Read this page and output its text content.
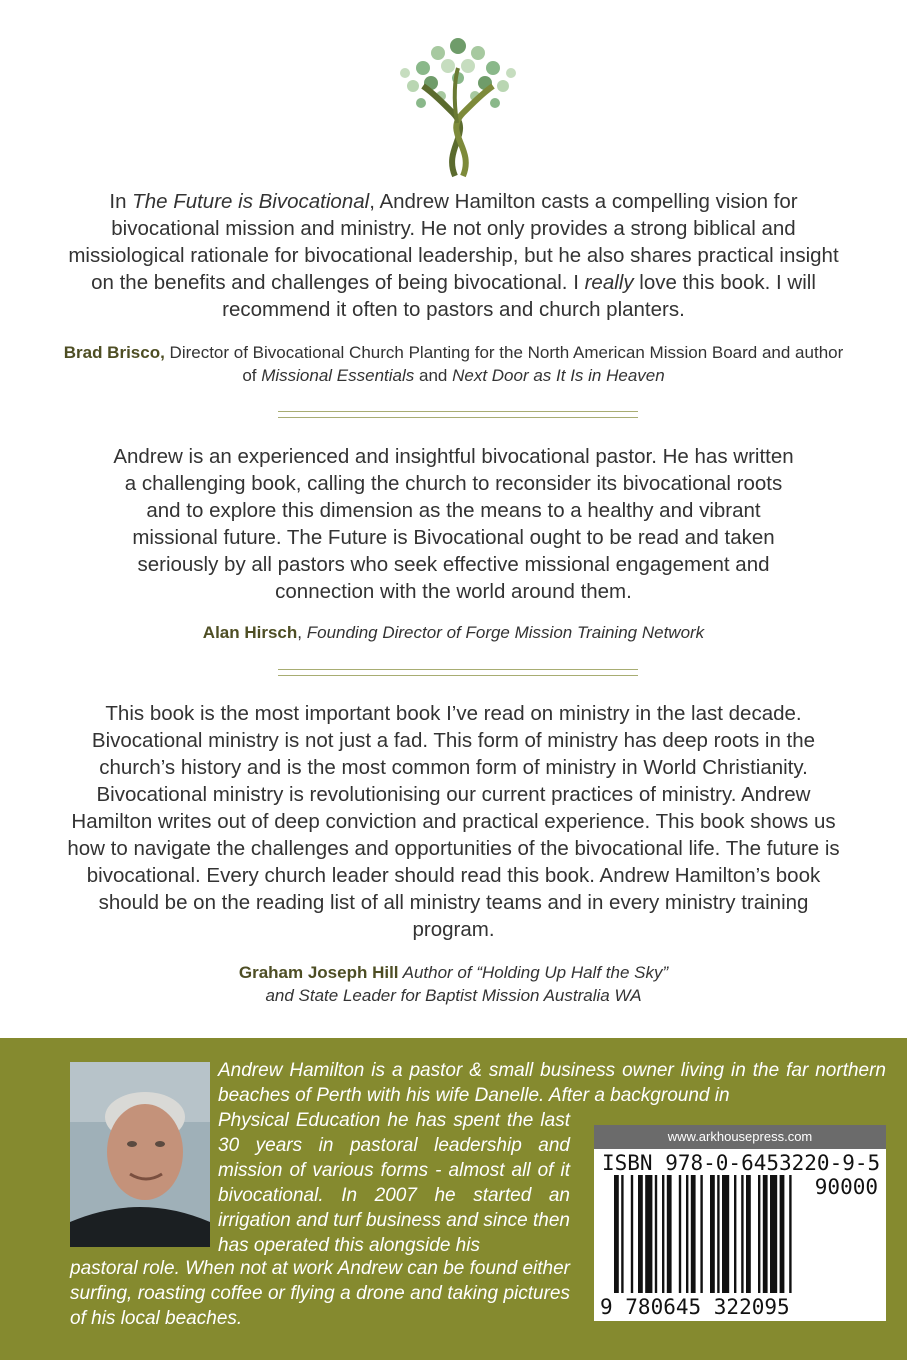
In The Future is Bivocational, Andrew Hamilton casts a compelling vision for bivocational mission and ministry. He not only provides a strong biblical and missiological rationale for bivocational leadership, but he also shares practical insight on the benefits and challenges of being bivocational. I really love this book. I will recommend it often to pastors and church planters.
Brad Brisco, Director of Bivocational Church Planting for the North American Mission Board and author of Missional Essentials and Next Door as It Is in Heaven
Andrew is an experienced and insightful bivocational pastor. He has written a challenging book, calling the church to reconsider its bivocational roots and to explore this dimension as the means to a healthy and vibrant missional future. The Future is Bivocational ought to be read and taken seriously by all pastors who seek effective missional engagement and connection with the world around them.
Alan Hirsch, Founding Director of Forge Mission Training Network
This book is the most important book I’ve read on ministry in the last decade. Bivocational ministry is not just a fad. This form of ministry has deep roots in the church’s history and is the most common form of ministry in World Christianity. Bivocational ministry is revolutionising our current practices of ministry. Andrew Hamilton writes out of deep conviction and practical experience. This book shows us how to navigate the challenges and opportunities of the bivocational life. The future is bivocational. Every church leader should read this book. Andrew Hamilton’s book should be on the reading list of all ministry teams and in every ministry training program.
Graham Joseph Hill Author of “Holding Up Half the Sky”
and State Leader for Baptist Mission Australia WA
Andrew Hamilton is a pastor & small business owner living in the far northern beaches of Perth with his wife Danelle. After a background in
Physical Education he has spent the last 30 years in pastoral leadership and mission of various forms - almost all of it bivocational. In 2007 he started an irrigation and turf business and since then has operated this alongside his
pastoral role. When not at work Andrew can be found either surfing, roasting coffee or flying a drone and taking pictures of his local beaches.
www.arkhousepress.com
ISBN 978-0-6453220-9-5
90000
9 780645 322095
